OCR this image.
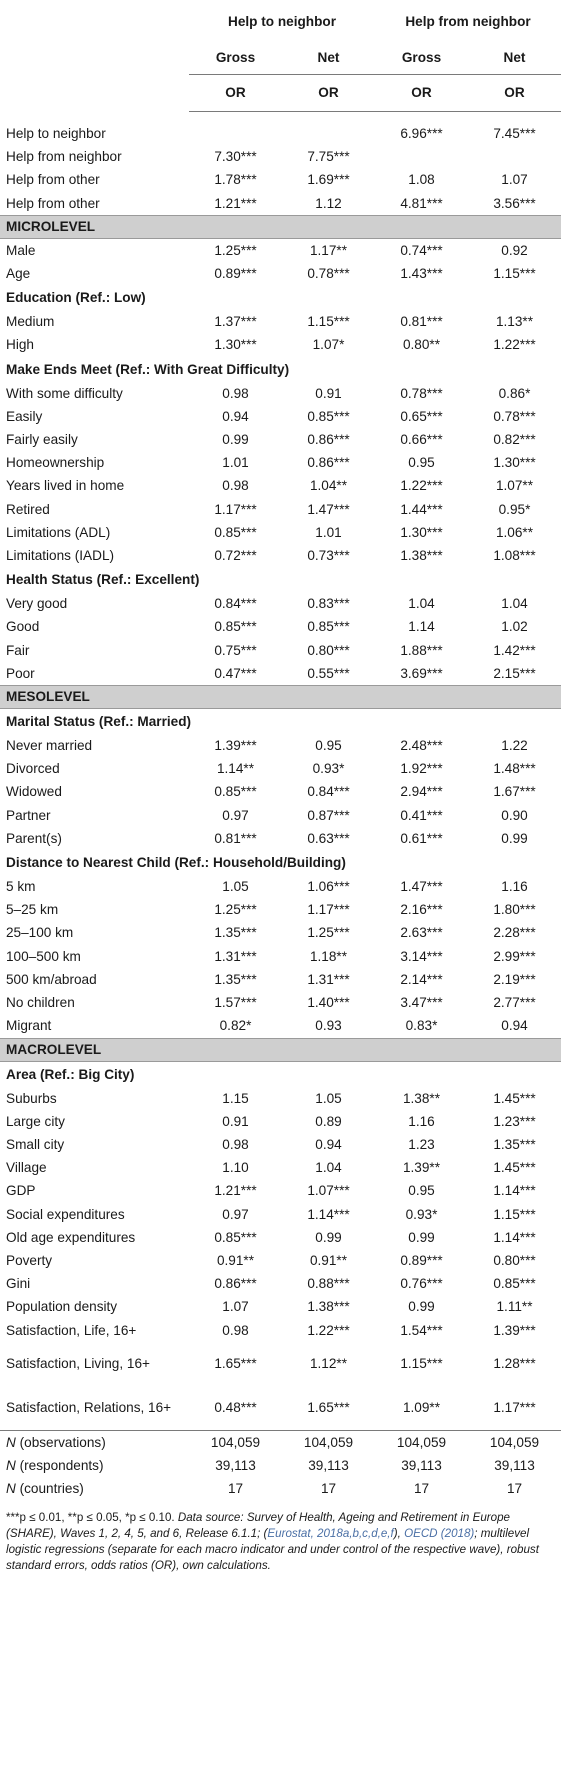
	Help to neighbor		Help from neighbor	
	Gross	Net	Gross	Net
	OR	OR	OR	OR

Help to neighbor			6.96***	7.45***
Help from neighbor	7.30***	7.75***		
Help from other	1.78***	1.69***	1.08	1.07
Help from other	1.21***	1.12	4.81***	3.56***
MICROLEVEL				
Male	1.25***	1.17**	0.74***	0.92
Age	0.89***	0.78***	1.43***	1.15***
Education (Ref.: Low)				
Medium	1.37***	1.15***	0.81***	1.13**
High	1.30***	1.07*	0.80**	1.22***
Make Ends Meet (Ref.: With Great Difficulty)				
With some difficulty	0.98	0.91	0.78***	0.86*
Easily	0.94	0.85***	0.65***	0.78***
Fairly easily	0.99	0.86***	0.66***	0.82***
Homeownership	1.01	0.86***	0.95	1.30***
Years lived in home	0.98	1.04**	1.22***	1.07**
Retired	1.17***	1.47***	1.44***	0.95*
Limitations (ADL)	0.85***	1.01	1.30***	1.06**
Limitations (IADL)	0.72***	0.73***	1.38***	1.08***
Health Status (Ref.: Excellent)				
Very good	0.84***	0.83***	1.04	1.04
Good	0.85***	0.85***	1.14	1.02
Fair	0.75***	0.80***	1.88***	1.42***
Poor	0.47***	0.55***	3.69***	2.15***
MESOLEVEL				
Marital Status (Ref.: Married)				
Never married	1.39***	0.95	2.48***	1.22
Divorced	1.14**	0.93*	1.92***	1.48***
Widowed	0.85***	0.84***	2.94***	1.67***
Partner	0.97	0.87***	0.41***	0.90
Parent(s)	0.81***	0.63***	0.61***	0.99
Distance to Nearest Child (Ref.: Household/Building)				
5 km	1.05	1.06***	1.47***	1.16
5–25 km	1.25***	1.17***	2.16***	1.80***
25–100 km	1.35***	1.25***	2.63***	2.28***
100–500 km	1.31***	1.18**	3.14***	2.99***
500 km/abroad	1.35***	1.31***	2.14***	2.19***
No children	1.57***	1.40***	3.47***	2.77***
Migrant	0.82*	0.93	0.83*	0.94
MACROLEVEL				
Area (Ref.: Big City)				
Suburbs	1.15	1.05	1.38**	1.45***
Large city	0.91	0.89	1.16	1.23***
Small city	0.98	0.94	1.23	1.35***
Village	1.10	1.04	1.39**	1.45***
GDP	1.21***	1.07***	0.95	1.14***
Social expenditures	0.97	1.14***	0.93*	1.15***
Old age expenditures	0.85***	0.99	0.99	1.14***
Poverty	0.91**	0.91**	0.89***	0.80***
Gini	0.86***	0.88***	0.76***	0.85***
Population density	1.07	1.38***	0.99	1.11**
Satisfaction, Life, 16+	0.98	1.22***	1.54***	1.39***
Satisfaction, Living, 16+	1.65***	1.12**	1.15***	1.28***
Satisfaction, Relations, 16+	0.48***	1.65***	1.09**	1.17***
N (observations)	104,059	104,059	104,059	104,059
N (respondents)	39,113	39,113	39,113	39,113
N (countries)	17	17	17	17
***p ≤ 0.01, **p ≤ 0.05, *p ≤ 0.10. Data source: Survey of Health, Ageing and Retirement in Europe (SHARE), Waves 1, 2, 4, 5, and 6, Release 6.1.1; (Eurostat, 2018a,b,c,d,e,f), OECD (2018); multilevel logistic regressions (separate for each macro indicator and under control of the respective wave), robust standard errors, odds ratios (OR), own calculations.
